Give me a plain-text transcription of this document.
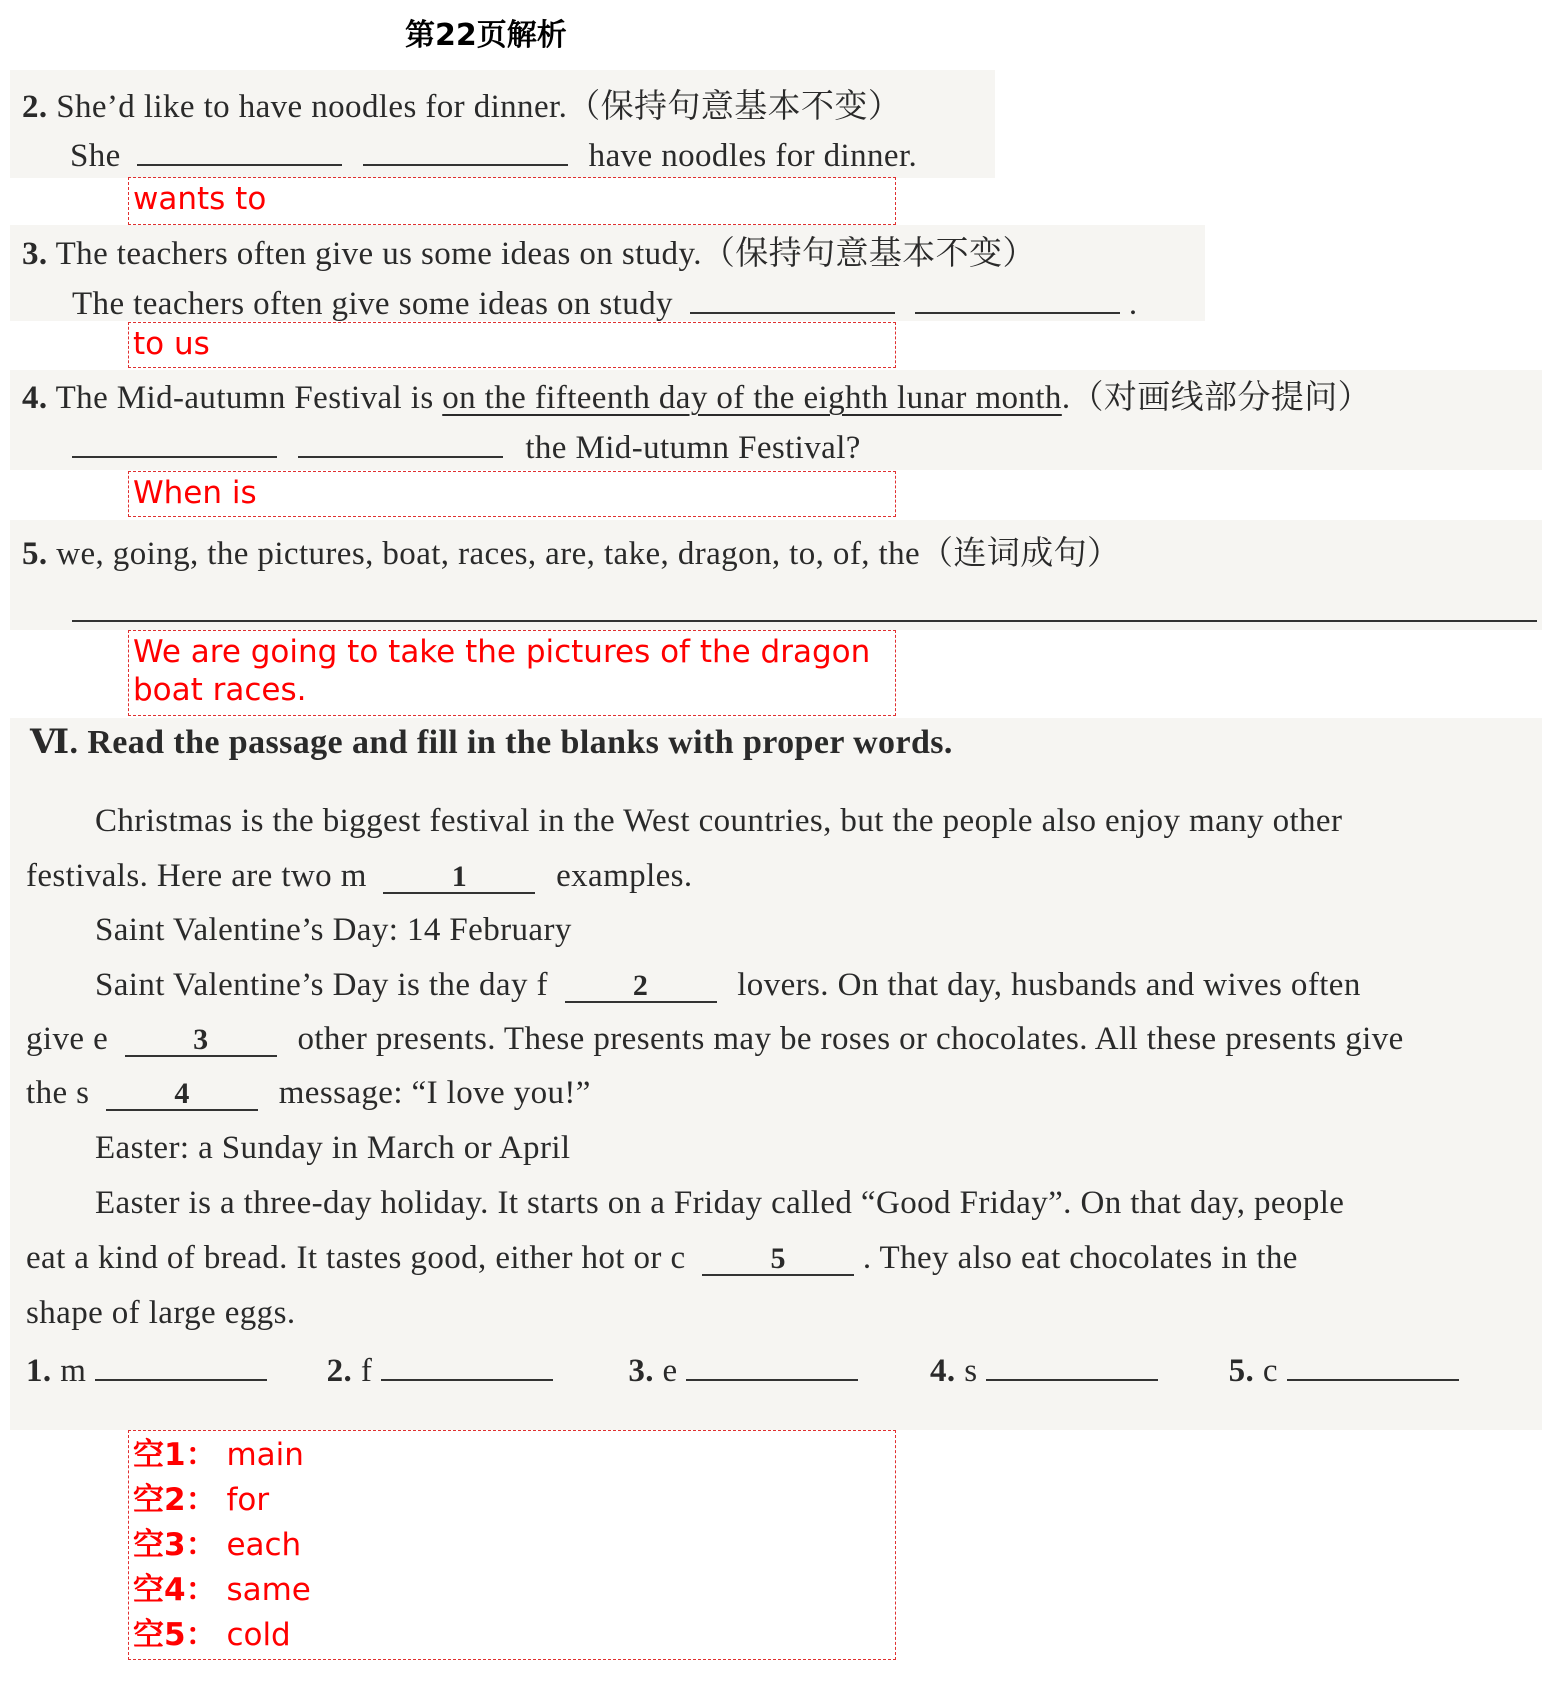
第22页解析
2. She’d like to have noodles for dinner.（保持句意基本不变）
She	have noodles for dinner.
wants to
3. The teachers often give us some ideas on study.（保持句意基本不变）
The teachers often give some ideas on study	.
to us
4. The Mid-autumn Festival is on the fifteenth day of the eighth lunar month.（对画线部分提问）
the Mid-utumn Festival?
When is
5. we, going, the pictures, boat, races, are, take, dragon, to, of, the（连词成句）
We are going to take the pictures of the dragon boat races.
Ⅵ. Read the passage and fill in the blanks with proper words.
Christmas is the biggest festival in the West countries, but the people also enjoy many other
festivals. Here are two m	1	examples.
Saint Valentine’s Day: 14 February
Saint Valentine’s Day is the day f	2	lovers. On that day, husbands and wives often
give e	3	other presents. These presents may be roses or chocolates. All these presents give
the s	4	message: “I love you!”
Easter: a Sunday in March or April
Easter is a three-day holiday. It starts on a Friday called “Good Friday”. On that day, people
eat a kind of bread. It tastes good, either hot or c	5 . They also eat chocolates in the
shape of large eggs.
1. m	2. f	3. e	4. s	5. c
空1： main
空2： for
空3： each
空4： same
空5： cold
